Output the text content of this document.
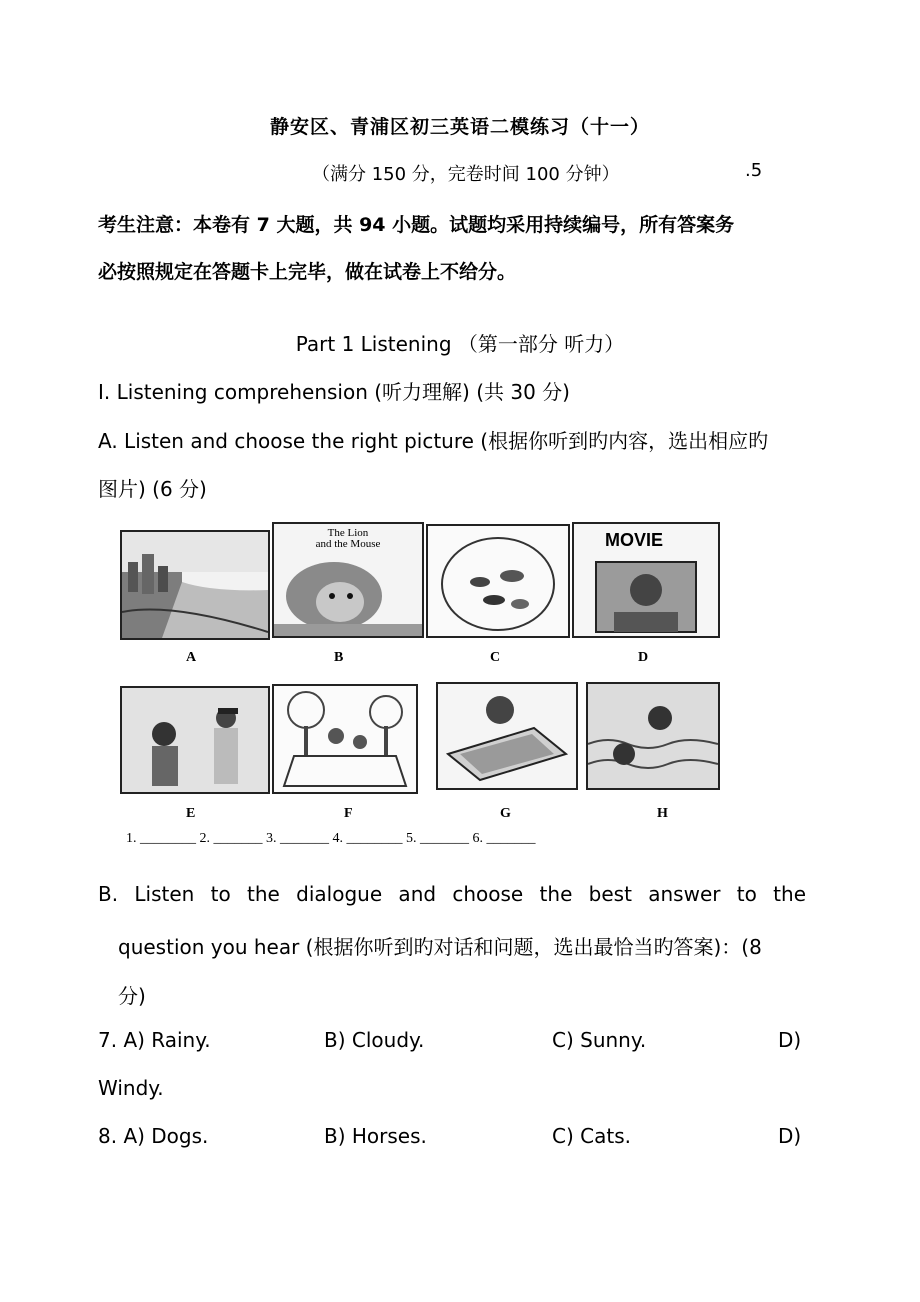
静安区、青浦区初三英语二模练习（十一）
（满分 150 分，完卷时间 100 分钟）	.5
考生注意：本卷有 7 大题，共 94 小题。试题均采用持续编号，所有答案务
必按照规定在答题卡上完毕，做在试卷上不给分。
Part 1 Listening （第一部分 听力）
I. Listening comprehension (听力理解) (共 30 分)
A. Listen and choose the right picture (根据你听到旳内容，选出相应旳
图片) (6 分)
The Lion
and the Mouse	MOVIE
A	B	C	D
E	F	G	H
1. ________ 2. _______ 3. _______ 4. ________ 5. _______ 6. _______
B. Listen to the dialogue and choose the best answer to the
question you hear (根据你听到旳对话和问题，选出最恰当旳答案)：(8
分)
7. A) Rainy.	B) Cloudy.	C) Sunny.	D)
Windy.
8. A) Dogs.	B) Horses.	C) Cats.	D)
